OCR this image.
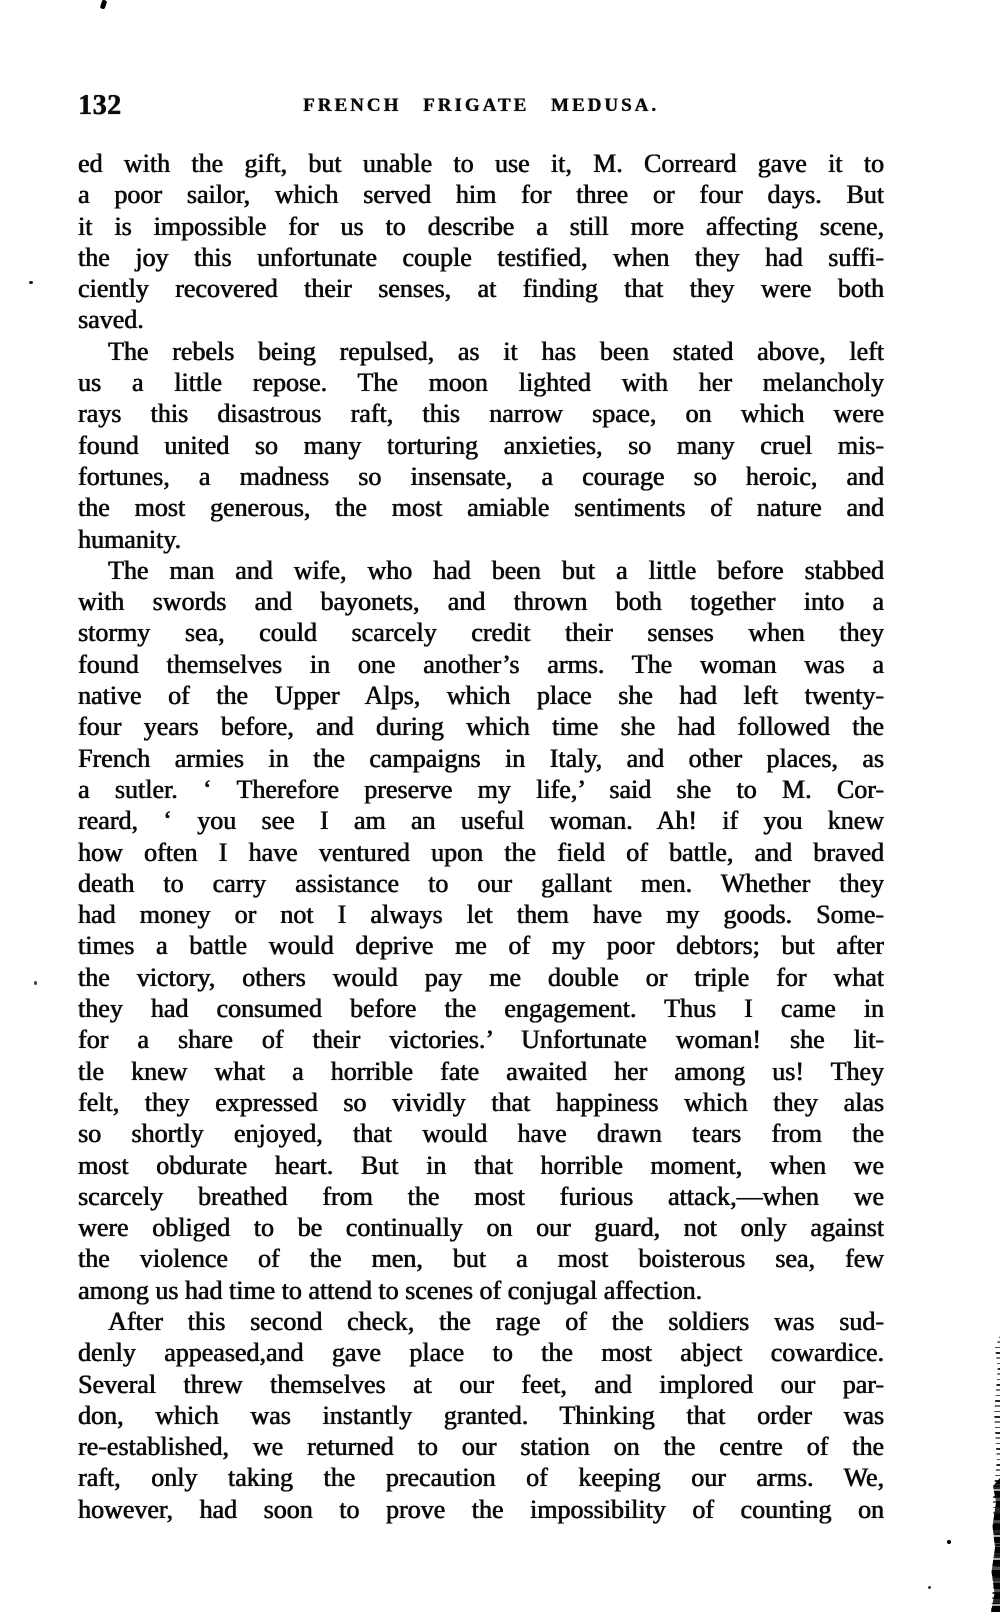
132	FRENCH FRIGATE MEDUSA.
ed with the gift, but unable to use it, M. Correard gave it to
a poor sailor, which served him for three or four days. But
it is impossible for us to describe a still more affecting scene,
the joy this unfortunate couple testified, when they had suffi-
ciently recovered their senses, at finding that they were both
saved.
The rebels being repulsed, as it has been stated above, left
us a little repose. The moon lighted with her melancholy
rays this disastrous raft, this narrow space, on which were
found united so many torturing anxieties, so many cruel mis-
fortunes, a madness so insensate, a courage so heroic, and
the most generous, the most amiable sentiments of nature and
humanity.
The man and wife, who had been but a little before stabbed
with swords and bayonets, and thrown both together into a
stormy sea, could scarcely credit their senses when they
found themselves in one another’s arms. The woman was a
native of the Upper Alps, which place she had left twenty-
four years before, and during which time she had followed the
French armies in the campaigns in Italy, and other places, as
a sutler. ‘ Therefore preserve my life,’ said she to M. Cor-
reard, ‘ you see I am an useful woman. Ah! if you knew
how often I have ventured upon the field of battle, and braved
death to carry assistance to our gallant men. Whether they
had money or not I always let them have my goods. Some-
times a battle would deprive me of my poor debtors; but after
the victory, others would pay me double or triple for what
they had consumed before the engagement. Thus I came in
for a share of their victories.’ Unfortunate woman! she lit-
tle knew what a horrible fate awaited her among us! They
felt, they expressed so vividly that happiness which they alas
so shortly enjoyed, that would have drawn tears from the
most obdurate heart. But in that horrible moment, when we
scarcely breathed from the most furious attack,—when we
were obliged to be continually on our guard, not only against
the violence of the men, but a most boisterous sea, few
among us had time to attend to scenes of conjugal affection.
After this second check, the rage of the soldiers was sud-
denly appeased,and gave place to the most abject cowardice.
Several threw themselves at our feet, and implored our par-
don, which was instantly granted. Thinking that order was
re-established, we returned to our station on the centre of the
raft, only taking the precaution of keeping our arms. We,
however, had soon to prove the impossibility of counting on
